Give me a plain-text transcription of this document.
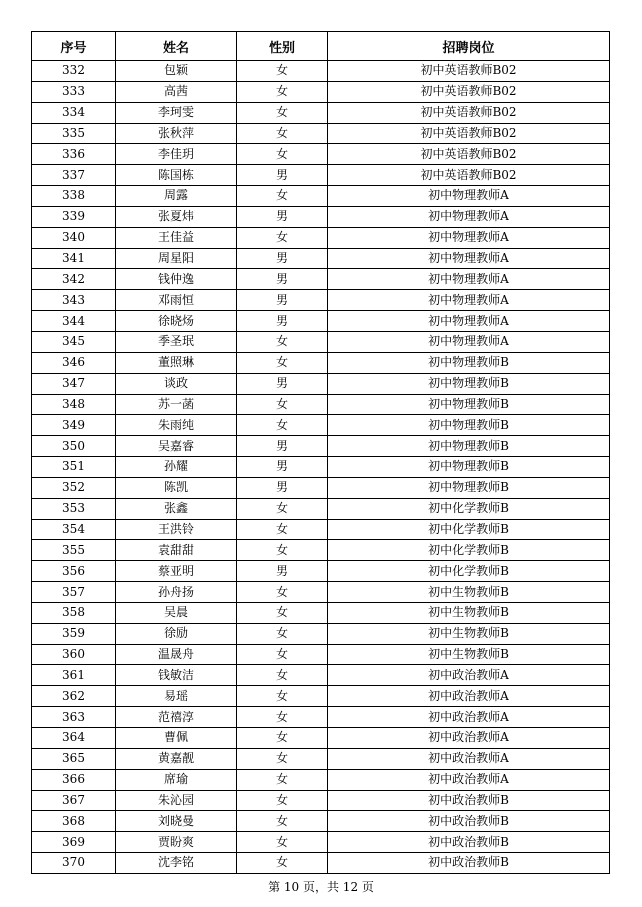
序号	姓名	性别	招聘岗位
332	包颖	女	初中英语教师B02
333	高茜	女	初中英语教师B02
334	李珂雯	女	初中英语教师B02
335	张秋萍	女	初中英语教师B02
336	李佳玥	女	初中英语教师B02
337	陈国栋	男	初中英语教师B02
338	周露	女	初中物理教师A
339	张夏炜	男	初中物理教师A
340	王佳益	女	初中物理教师A
341	周星阳	男	初中物理教师A
342	钱仲逸	男	初中物理教师A
343	邓雨恒	男	初中物理教师A
344	徐晓炀	男	初中物理教师A
345	季圣珉	女	初中物理教师A
346	董照琳	女	初中物理教师B
347	谈政	男	初中物理教师B
348	苏一菡	女	初中物理教师B
349	朱雨纯	女	初中物理教师B
350	吴嘉睿	男	初中物理教师B
351	孙耀	男	初中物理教师B
352	陈凯	男	初中物理教师B
353	张鑫	女	初中化学教师B
354	王洪铃	女	初中化学教师B
355	袁甜甜	女	初中化学教师B
356	蔡亚明	男	初中化学教师B
357	孙舟扬	女	初中生物教师B
358	吴晨	女	初中生物教师B
359	徐励	女	初中生物教师B
360	温晟舟	女	初中生物教师B
361	钱敏洁	女	初中政治教师A
362	易瑶	女	初中政治教师A
363	范禧淳	女	初中政治教师A
364	曹佩	女	初中政治教师A
365	黄嘉靓	女	初中政治教师A
366	席瑜	女	初中政治教师A
367	朱沁园	女	初中政治教师B
368	刘晓曼	女	初中政治教师B
369	贾盼爽	女	初中政治教师B
370	沈李铭	女	初中政治教师B
第 10 页，共 12 页
